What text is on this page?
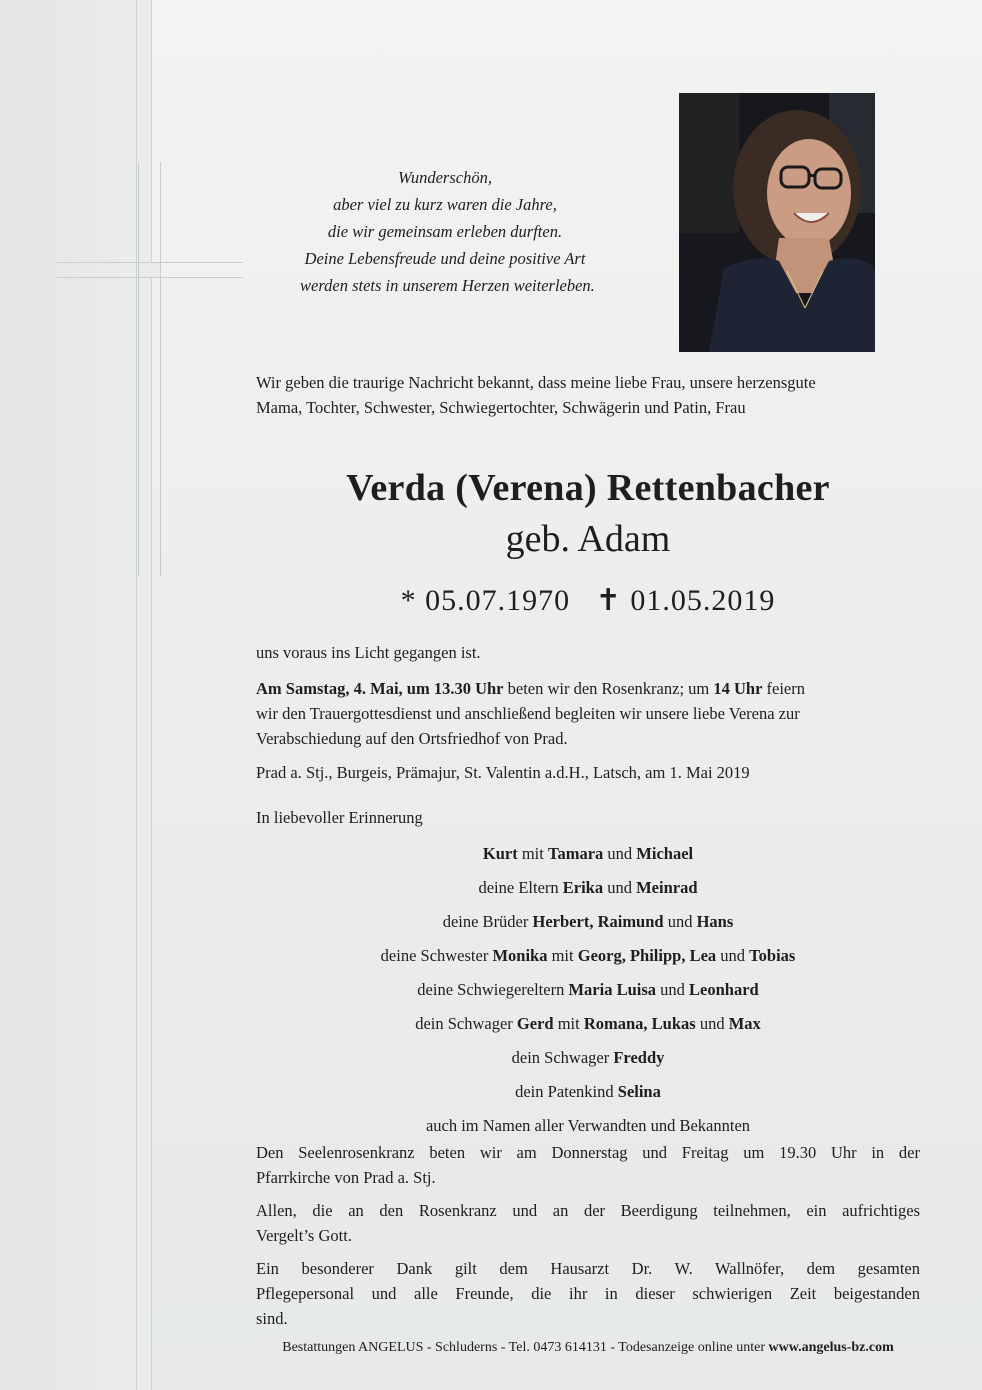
Wunderschön,
aber viel zu kurz waren die Jahre,
die wir gemeinsam erleben durften.
Deine Lebensfreude und deine positive Art
werden stets in unserem Herzen weiterleben.
Wir geben die traurige Nachricht bekannt, dass meine liebe Frau, unsere herzensgute
Mama, Tochter, Schwester, Schwiegertochter, Schwägerin und Patin, Frau
Verda (Verena) Rettenbacher
geb. Adam
* 05.07.1970 ✝ 01.05.2019
uns voraus ins Licht gegangen ist.
Am Samstag, 4. Mai, um 13.30 Uhr beten wir den Rosenkranz; um 14 Uhr feiern
wir den Trauergottesdienst und anschließend begleiten wir unsere liebe Verena zur
Verabschiedung auf den Ortsfriedhof von Prad.
Prad a. Stj., Burgeis, Prämajur, St. Valentin a.d.H., Latsch, am 1. Mai 2019
In liebevoller Erinnerung
Kurt mit Tamara und Michael
deine Eltern Erika und Meinrad
deine Brüder Herbert, Raimund und Hans
deine Schwester Monika mit Georg, Philipp, Lea und Tobias
deine Schwiegereltern Maria Luisa und Leonhard
dein Schwager Gerd mit Romana, Lukas und Max
dein Schwager Freddy
dein Patenkind Selina
auch im Namen aller Verwandten und Bekannten
Den Seelenrosenkranz beten wir am Donnerstag und Freitag um 19.30 Uhr in der
Pfarrkirche von Prad a. Stj.
Allen, die an den Rosenkranz und an der Beerdigung teilnehmen, ein aufrichtiges
Vergelt’s Gott.
Ein besonderer Dank gilt dem Hausarzt Dr. W. Wallnöfer, dem gesamten
Pflegepersonal und alle Freunde, die ihr in dieser schwierigen Zeit beigestanden
sind.
Bestattungen ANGELUS - Schluderns - Tel. 0473 614131 - Todesanzeige online unter www.angelus-bz.com
